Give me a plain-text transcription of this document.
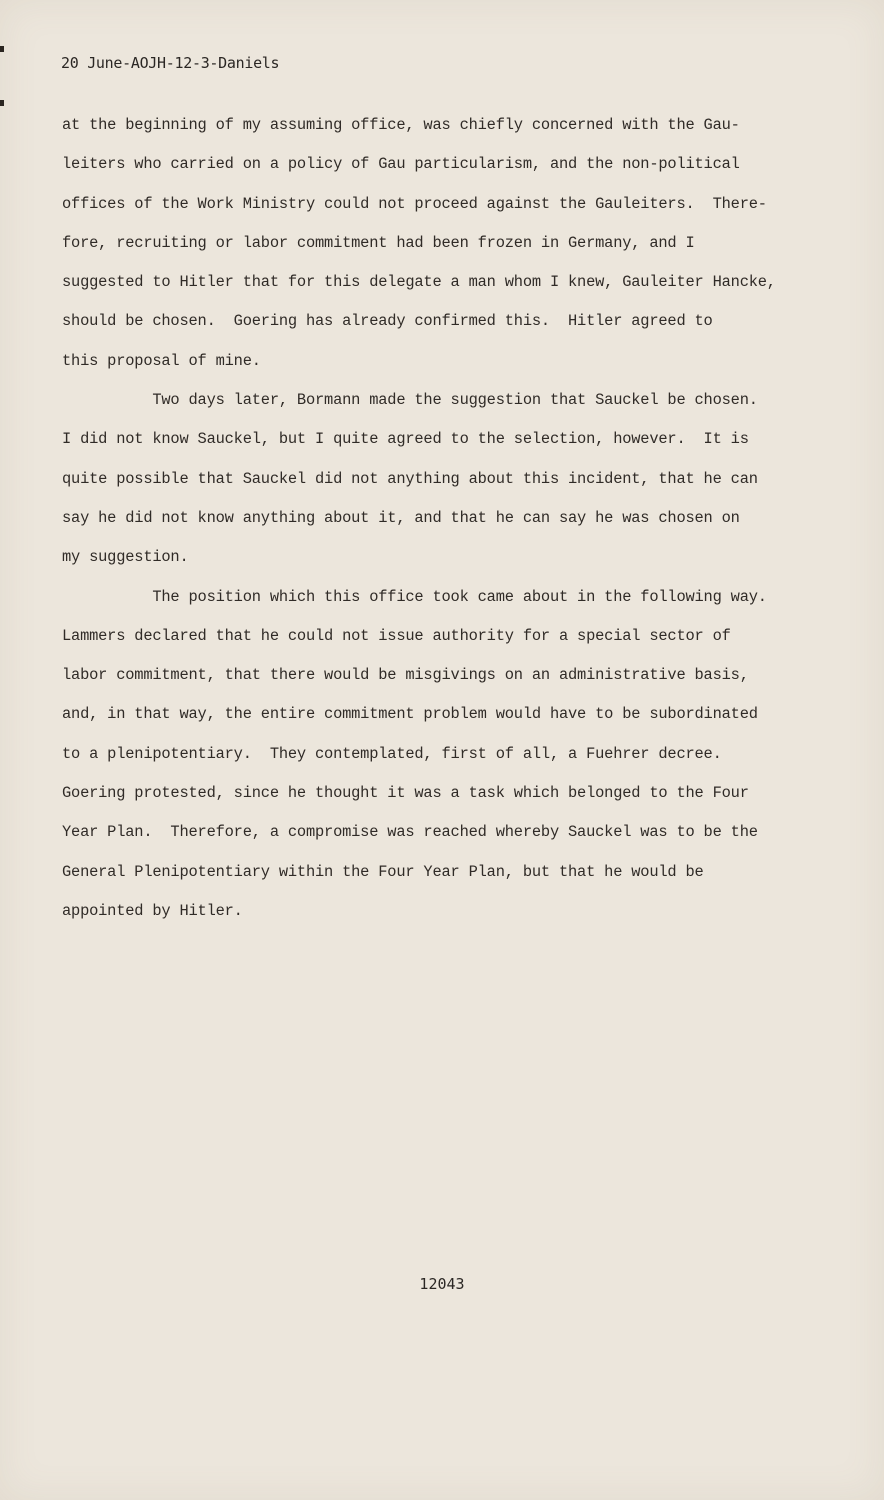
20 June-AOJH-12-3-Daniels
at the beginning of my assuming office, was chiefly concerned with the Gau-
leiters who carried on a policy of Gau particularism, and the non-political
offices of the Work Ministry could not proceed against the Gauleiters.  There-
fore, recruiting or labor commitment had been frozen in Germany, and I
suggested to Hitler that for this delegate a man whom I knew, Gauleiter Hancke,
should be chosen.  Goering has already confirmed this.  Hitler agreed to
this proposal of mine.
Two days later, Bormann made the suggestion that Sauckel be chosen.
I did not know Sauckel, but I quite agreed to the selection, however.  It is
quite possible that Sauckel did not anything about this incident, that he can
say he did not know anything about it, and that he can say he was chosen on
my suggestion.
The position which this office took came about in the following way.
Lammers declared that he could not issue authority for a special sector of
labor commitment, that there would be misgivings on an administrative basis,
and, in that way, the entire commitment problem would have to be subordinated
to a plenipotentiary.  They contemplated, first of all, a Fuehrer decree.
Goering protested, since he thought it was a task which belonged to the Four
Year Plan.  Therefore, a compromise was reached whereby Sauckel was to be the
General Plenipotentiary within the Four Year Plan, but that he would be
appointed by Hitler.
12043
